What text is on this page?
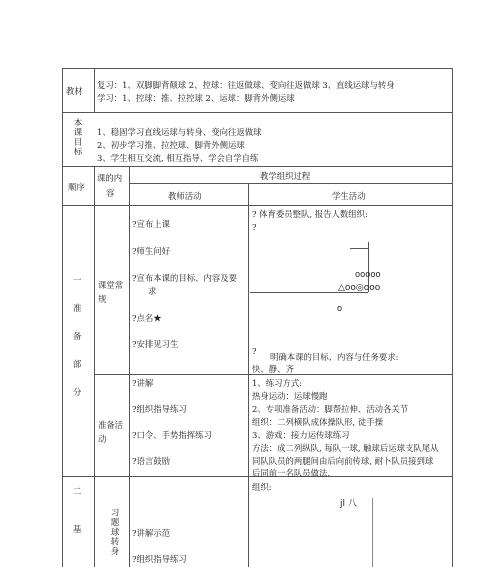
教材
复习：1、双脚脚背颠球 2、控球：往返做球、变向往返做球 3、直线运球与转身
学习：1、控球：推、拉控球 2、运球：脚背外侧运球
本课目标 1、稳固学习直线运球与转身、变向往返做球
2、初步学习推、拉控球、脚背外侧运球
3、学生相互交流, 相互指导、学会自学自练
顺序
课的内
容
教学组织过程
教师活动	学生活动
一
准
备
部
分
课堂常
规
?宣布上课
?师生问好
?宣布本课的目标、内容及要
求
?点名★
?安排见习生
? 体育委员整队, 报告人数组织:
?
ooooo
△oo◎ooo
o
?
明确本课的目标、内容与任务要求:
快、静、齐
准备活
动
?讲解
?组织指导练习
?口令、手势指挥练习
?语言鼓励
1、练习方式:
热身运动：运球慢跑
2、专项准备活动：脚帮拉伸、活动各关节
组织：二列横队成体操队形, 徒手操
3、游戏：接力运传球练习
方法：成二列纵队, 每队一球, 触球后运球支队尾从
同队队员的两腿间由后向前传球, 耐卜队员接到球
后同前一名队员做法.
二
基	习题球转身 ?讲解示范
?组织指导练习
组织:
jl 八
